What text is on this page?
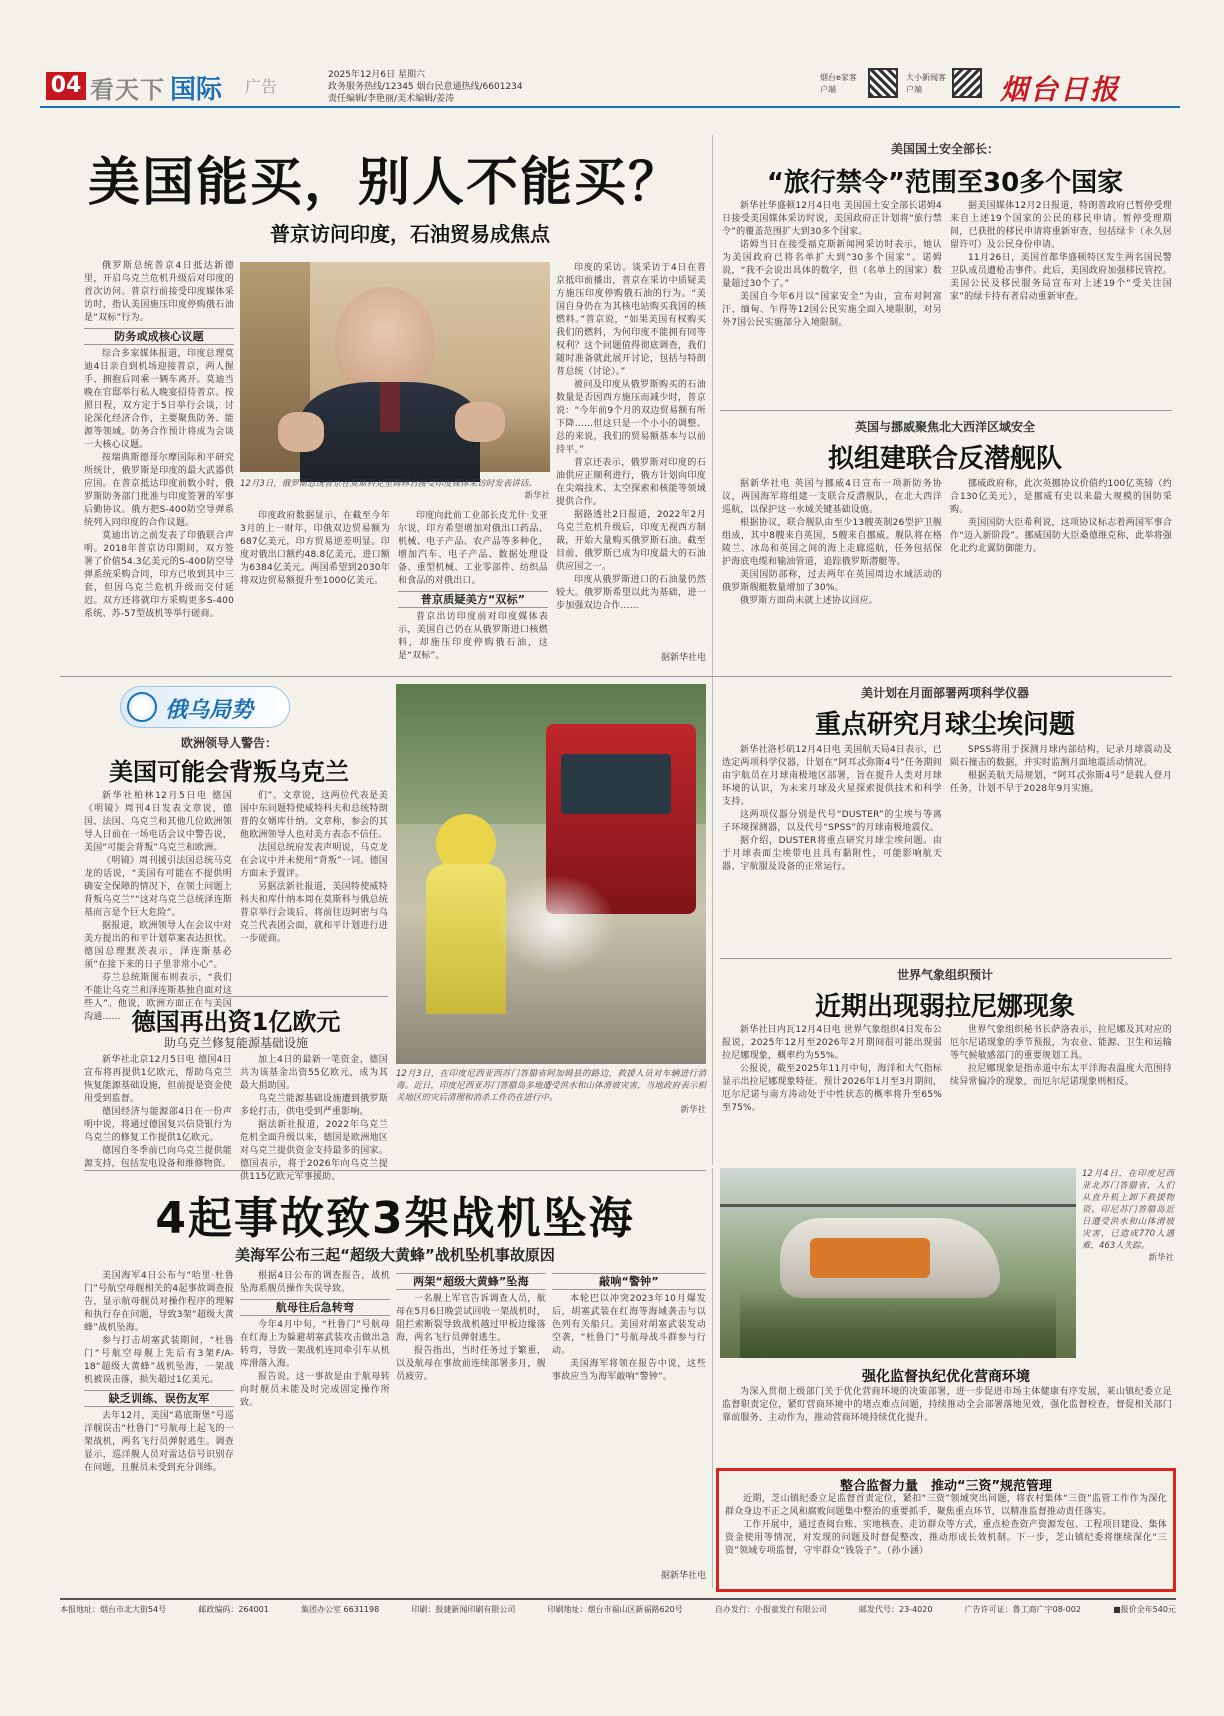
04 看天下 国际 广告
2025年12月6日 星期六
政务服务热线/12345 烟台民意通热线/6601234
责任编辑/李艳丽/美术编辑/姜涛
烟台e家客户端
大小新闻客户端	烟台日报
美国能买，别人不能买？
普京访问印度，石油贸易成焦点

俄罗斯总统普京4日抵达新德里，开启乌克兰危机升级后对印度的首次访问。普京行前接受印度媒体采访时，指认美国施压印度停购俄石油是“双标”行为。

防务或成核心议题

综合多家媒体报道，印度总理莫迪4日亲自到机场迎接普京，两人握手、拥抱后同乘一辆车离开。莫迪当晚在官邸举行私人晚宴招待普京。按照日程，双方定于5日举行会谈，讨论深化经济合作，主要聚焦防务、能源等领域。防务合作预计将成为会谈一大核心议题。

按瑞典斯德哥尔摩国际和平研究所统计，俄罗斯是印度的最大武器供应国。在普京抵达印度前数小时，俄罗斯防务部门批准与印度签署的军事后勤协议。俄方把S-400防空导弹系统列入同印度的合作议题。

莫迪出访之前发表了印俄联合声明。2018年普京访印期间，双方签署了价值54.3亿美元的S-400防空导弹系统采购合同，印方已收到其中三套，但因乌克兰危机升级而交付延迟。双方还将就印方采购更多S-400系统、苏-57型战机等举行磋商。

12月3日，俄罗斯总统普京在莫斯科克里姆林宫接受印度媒体采访时发表讲话。
新华社

印度政府数据显示，在截至今年3月的上一财年，印俄双边贸易额为687亿美元，印方贸易逆差明显。印度对俄出口额约48.8亿美元，进口额为6384亿美元。两国希望到2030年将双边贸易额提升至1000亿美元。

印度向此前工业部长皮尤什·戈亚尔说，印方希望增加对俄出口药品、机械、电子产品、农产品等多种化，增加汽车、电子产品、数据处理设备、重型机械、工业零部件、纺织品和食品的对俄出口。

普京质疑美方“双标”

普京出访印度前对印度媒体表示，美国自己仍在从俄罗斯进口核燃料，却施压印度停购俄石油，这是“双标”。

印度的采访。谈采访于4日在普京抵印前播出，普京在采访中质疑美方施压印度停购俄石油的行为。“美国自身仍在为其核电站购买我国的核燃料。”普京说，“如果美国有权购买我们的燃料，为何印度不能拥有同等权利？这个问题值得彻底调查，我们随时准备就此展开讨论，包括与特朗普总统（讨论）。”

被问及印度从俄罗斯购买的石油数量是否因西方施压而减少时，普京说：“今年前9个月的双边贸易额有所下降……但这只是一个小小的调整。总的来说，我们的贸易额基本与以前持平。”

普京还表示，俄罗斯对印度的石油供应正顺利进行，俄方计划向印度在尖端技术、太空探索和核能等领域提供合作。

据路透社2日报道，2022年2月乌克兰危机升级后，印度无视西方制裁，开始大量购买俄罗斯石油。截至目前，俄罗斯已成为印度最大的石油供应国之一。

印度从俄罗斯进口的石油量仍然较大。俄罗斯希望以此为基础，进一步加强双边合作……

据新华社电
美国国土安全部长：
“旅行禁令”范围至30多个国家

新华社华盛顿12月4日电 美国国土安全部长诺姆4日接受美国媒体采访时说，美国政府正计划将“旅行禁令”的覆盖范围扩大到30多个国家。

诺姆当日在接受福克斯新闻网采访时表示，她认为美国政府已将名单扩大到“30多个国家”。诺姆说，“我不会说出具体的数字，但（名单上的国家）数量超过30个了。”

美国自今年6月以“国家安全”为由，宣布对阿富汗、缅甸、乍得等12国公民实施全面入境限制，对另外7国公民实施部分入境限制。

据美国媒体12月2日报道，特朗普政府已暂停受理来自上述19个国家的公民的移民申请。暂停受理期间，已获批的移民申请将重新审查，包括绿卡（永久居留许可）及公民身份申请。

11月26日，美国首都华盛顿特区发生两名国民警卫队成员遭枪击事件。此后，美国政府加强移民管控。美国公民及移民服务局宣布对上述19个“受关注国家”的绿卡持有者启动重新审查。

英国与挪威聚焦北大西洋区域安全
拟组建联合反潜舰队

据新华社电 英国与挪威4日宣布一项新防务协议，两国海军将组建一支联合反潜舰队，在北大西洋巡航，以保护这一水域关键基础设施。

根据协议，联合舰队由至少13艘英制26型护卫舰组成，其中8艘来自英国，5艘来自挪威。舰队将在格陵兰、冰岛和英国之间的海上走廊巡航，任务包括保护海底电缆和输油管道，追踪俄罗斯潜艇等。

美国国防部称，过去两年在英国周边水域活动的俄罗斯舰艇数量增加了30%。

俄罗斯方面尚未就上述协议回应。

挪威政府称，此次英挪协议价值约100亿英镑（约合130亿美元），是挪威有史以来最大规模的国防采购。

英国国防大臣希利说，这项协议标志着两国军事合作“迈入新阶段”。挪威国防大臣桑德维克称，此举将强化北约北翼防御能力。

俄乌局势
欧洲领导人警告：
美国可能会背叛乌克兰

新华社柏林12月5日电 德国《明镜》周刊4日发表文章说，德国、法国、乌克兰和其他几位欧洲领导人日前在一场电话会议中警告说，美国“可能会背叛”乌克兰和欧洲。

《明镜》周刊援引法国总统马克龙的话说，“美国有可能在不提供明确安全保障的情况下，在领土问题上背叛乌克兰”“这对乌克兰总统泽连斯基而言是个巨大危险”。

据报道，欧洲领导人在会议中对美方提出的和平计划草案表达担忧。德国总理默茨表示，泽连斯基必须“在接下来的日子里非常小心”。

芬兰总统斯图布则表示，“我们不能让乌克兰和泽连斯基独自面对这些人”。他说，欧洲方面正在与美国沟通……

们”。文章说，这两位代表是美国中东问题特使威特科夫和总统特朗普的女婿库什纳。文章称，参会的其他欧洲领导人也对美方表态不信任。

法国总统府发表声明说，马克龙在会议中并未使用“背叛”一词。德国方面未予置评。

另据法新社报道，美国特使威特科夫和库什纳本周在莫斯科与俄总统普京举行会谈后，将前往迈阿密与乌克兰代表团会面，就和平计划进行进一步磋商。

德国再出资1亿欧元
助乌克兰修复能源基础设施

新华社北京12月5日电 德国4日宣布将再提供1亿欧元，帮助乌克兰恢复能源基础设施，但前提是资金使用受到监督。

德国经济与能源部4日在一份声明中说，将通过德国复兴信贷银行为乌克兰的修复工作提供1亿欧元。

德国自冬季前已向乌克兰提供能源支持，包括发电设备和维修物资。

加上4日的最新一笔资金，德国共为该基金出资55亿欧元，成为其最大捐助国。

乌克兰能源基础设施遭到俄罗斯多轮打击，供电受到严重影响。

据法新社报道，2022年乌克兰危机全面升级以来，德国是欧洲地区对乌克兰提供资金支持最多的国家。德国表示，将于2026年向乌克兰提供115亿欧元军事援助。

12月3日，在印度尼西亚西苏门答腊省阿加姆县的路边，救援人员对车辆进行消毒。近日，印度尼西亚苏门答腊岛多地遭受洪水和山体滑坡灾害，当地政府表示相关地区的灾后清理和消杀工作仍在进行中。
新华社
美计划在月面部署两项科学仪器
重点研究月球尘埃问题

新华社洛杉矶12月4日电 美国航天局4日表示，已选定两项科学仪器，计划在“阿耳忒弥斯4号”任务期间由宇航员在月球南极地区部署，旨在提升人类对月球环境的认识，为未来月球及火星探索提供技术和科学支持。

这两项仪器分别是代号“DUSTER”的尘埃与等离子环境探测器，以及代号“SPSS”的月球南极地震仪。

据介绍，DUSTER将重点研究月球尘埃问题。由于月球表面尘埃带电且具有黏附性，可能影响航天器、宇航服及设备的正常运行。

SPSS将用于探测月球内部结构，记录月球震动及陨石撞击的数据，并实时监测月面地震活动情况。

根据美航天局规划，“阿耳忒弥斯4号”是载人登月任务，计划不早于2028年9月实施。

世界气象组织预计
近期出现弱拉尼娜现象

新华社日内瓦12月4日电 世界气象组织4日发布公报说，2025年12月至2026年2月期间很可能出现弱拉尼娜现象，概率约为55%。

公报说，截至2025年11月中旬，海洋和大气指标显示出拉尼娜现象特征。预计2026年1月至3月期间，厄尔尼诺与南方涛动处于中性状态的概率将升至65%至75%。

世界气象组织秘书长萨洛表示，拉尼娜及其对应的厄尔尼诺现象的季节预报，为农业、能源、卫生和运输等气候敏感部门的重要规划工具。

拉尼娜现象是指赤道中东太平洋海表温度大范围持续异常偏冷的现象，而厄尔尼诺现象则相反。

12月4日，在印度尼西亚北苏门答腊省，人们从直升机上卸下救援物资。印尼苏门答腊岛近日遭受洪水和山体滑坡灾害，已造成770人遇难，463人失踪。
新华社
4起事故致3架战机坠海
美海军公布三起“超级大黄蜂”战机坠机事故原因

美国海军4日公布与“哈里·杜鲁门”号航空母舰相关的4起事故调查报告，显示航母舰员对操作程序的理解和执行存在问题，导致3架“超级大黄蜂”战机坠海。

参与打击胡塞武装期间，“杜鲁门”号航空母舰上先后有3架F/A-18“超级大黄蜂”战机坠海，一架战机被误击落，损失超过1亿美元。

缺乏训练、误伤友军

去年12月，美国“葛底斯堡”号巡洋舰误击“杜鲁门”号航母上起飞的一架战机，两名飞行员弹射逃生。调查显示，巡洋舰人员对雷达信号识别存在问题，且舰员未受到充分训练。

根据4日公布的调查报告，战机坠海系舰员操作失误导致。

航母往后急转弯

今年4月中旬，“杜鲁门”号航母在红海上为躲避胡塞武装攻击做出急转弯，导致一架战机连同牵引车从机库滑落入海。

报告说，这一事故是由于航母转向时舰员未能及时完成固定操作所致。

两架“超级大黄蜂”坠海

一名舰上军官告诉调查人员，航母在5月6日晚尝试回收一架战机时，阻拦索断裂导致战机越过甲板边缘落海，两名飞行员弹射逃生。

报告指出，当时任务过于繁重，以及航母在事故前连续部署多月，舰员疲劳。

敲响“警钟”

本轮巴以冲突2023年10月爆发后，胡塞武装在红海等海域袭击与以色列有关船只。美国对胡塞武装发动空袭，“杜鲁门”号航母战斗群参与行动。

美国海军将领在报告中说，这些事故应当为海军敲响“警钟”。

据新华社电
强化监督执纪优化营商环境

为深入贯彻上级部门关于优化营商环境的决策部署，进一步促进市场主体健康有序发展，莱山镇纪委立足监督职责定位，紧盯营商环境中的堵点难点问题，持续推动全会部署落地见效，强化监督检查，督促相关部门靠前服务、主动作为，推动营商环境持续优化提升。

整合监督力量　推动“三资”规范管理

近期，芝山镇纪委立足监督首责定位，紧扣“三资”领域突出问题，将农村集体“三资”监管工作作为深化群众身边不正之风和腐败问题集中整治的重要抓手，聚焦重点环节，以精准监督推动责任落实。

工作开展中，通过查阅台账、实地核查、走访群众等方式，重点检查资产资源发包、工程项目建设、集体资金使用等情况，对发现的问题及时督促整改，推动形成长效机制。下一步，芝山镇纪委将继续深化“三资”领域专项监督，守牢群众“钱袋子”。（孙小涵）

本报地址：烟台市北大街54号	邮政编码：264001	集团办公室 6631198	印刷：报捷新闻印刷有限公司	印刷地址：烟台市福山区新福路620号	自办发行：小报童发行有限公司	邮发代号：23-4020	广告许可证：鲁工商广字08-002	■报价全年540元
